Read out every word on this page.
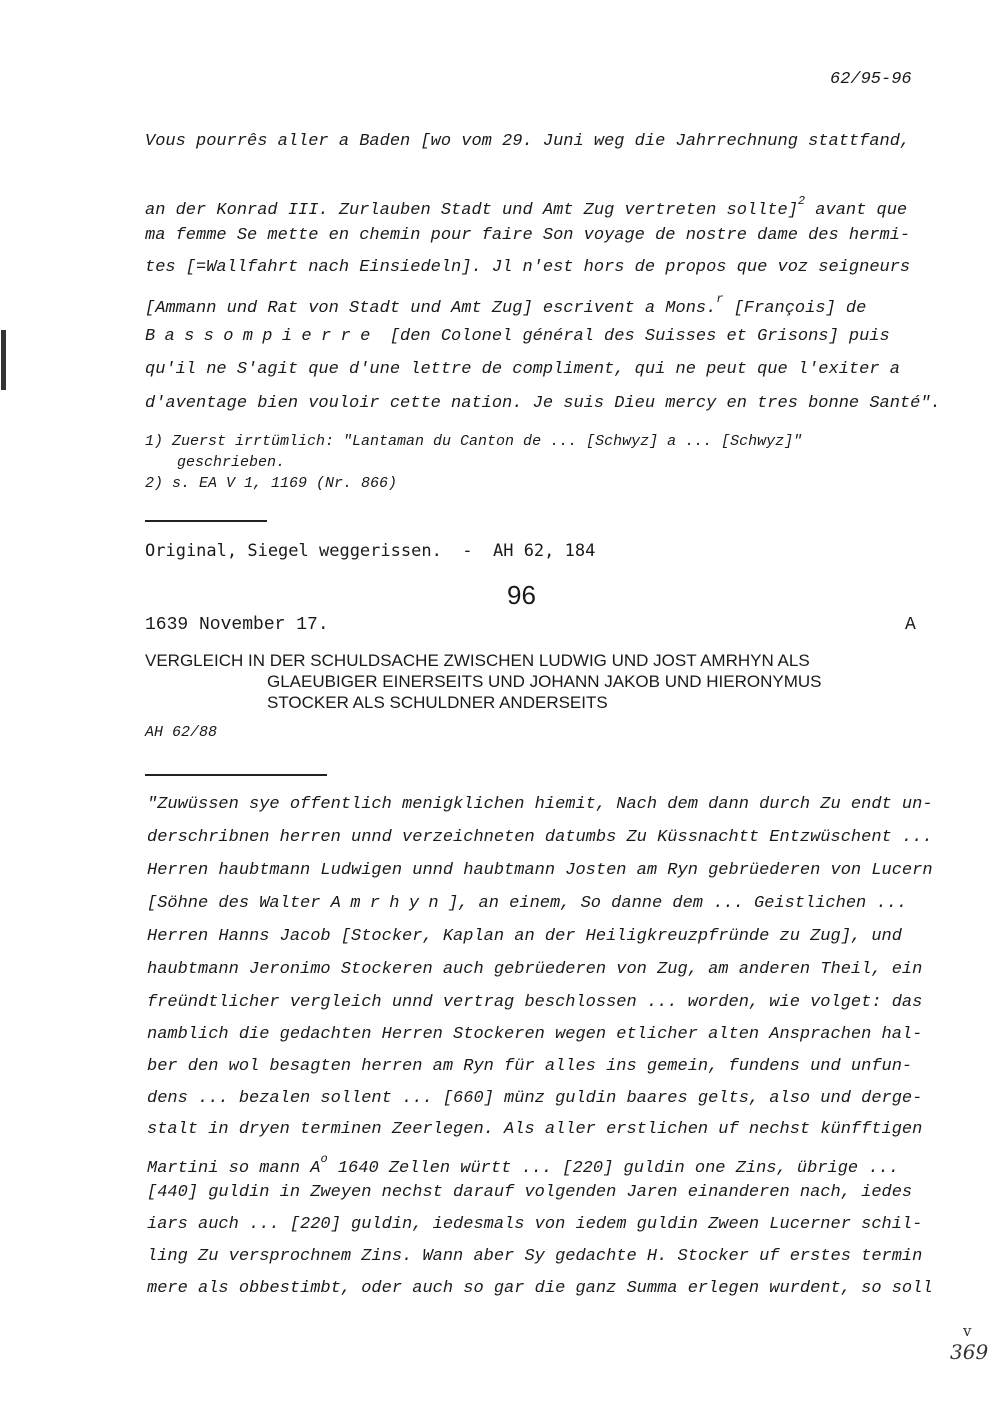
62/95-96
Vous pourrês aller a Baden [wo vom 29. Juni weg die Jahrrechnung stattfand,
an der Konrad III. Zurlauben Stadt und Amt Zug vertreten sollte]$^2$ avant que
ma femme Se mette en chemin pour faire Son voyage de nostre dame des hermi-
tes [=Wallfahrt nach Einsiedeln]. Jl n'est hors de propos que voz seigneurs
[Ammann und Rat von Stadt und Amt Zug] escrivent a Mons.$^r$ [François] de
Bassompierre [den Colonel général des Suisses et Grisons] puis
qu'il ne S'agit que d'une lettre de compliment, qui ne peut que l'exiter a
d'aventage bien vouloir cette nation. Je suis Dieu mercy en tres bonne Santé".
1) Zuerst irrtümlich: "Lantaman du Canton de ... [Schwyz] a ... [Schwyz]"
geschrieben.
2) s. EA V 1, 1169 (Nr. 866)
Original, Siegel weggerissen.  -  AH 62, 184
96
1639 November 17.	A
VERGLEICH IN DER SCHULDSACHE ZWISCHEN LUDWIG UND JOST AMRHYN ALS
GLAEUBIGER EINERSEITS UND JOHANN JAKOB UND HIERONYMUS
STOCKER ALS SCHULDNER ANDERSEITS
AH 62/88
"Zuwüssen sye offentlich menigklichen hiemit, Nach dem dann durch Zu endt un-
derschribnen herren unnd verzeichneten datumbs Zu Küssnachtt Entzwüschent ...
Herren haubtmann Ludwigen unnd haubtmann Josten am Ryn gebrüederen von Lucern
[Söhne des Walter Amrhyn], an einem, So danne dem ... Geistlichen ...
Herren Hanns Jacob [Stocker, Kaplan an der Heiligkreuzpfründe zu Zug], und
haubtmann Jeronimo Stockeren auch gebrüederen von Zug, am anderen Theil, ein
freündtlicher vergleich unnd vertrag beschlossen ... worden, wie volget: das
namblich die gedachten Herren Stockeren wegen etlicher alten Ansprachen hal-
ber den wol besagten herren am Ryn für alles ins gemein, fundens und unfun-
dens ... bezalen sollent ... [660] münz guldin baares gelts, also und derge-
stalt in dryen terminen Zeerlegen. Als aller erstlichen uf nechst künfftigen
Martini so mann $A^o$ 1640 Zellen württ ... [220] guldin one Zins, übrige ...
[440] guldin in Zweyen nechst darauf volgenden Jaren einanderen nach, iedes
iars auch ... [220] guldin, iedesmals von iedem guldin Zween Lucerner schil-
ling Zu versprochnem Zins. Wann aber Sy gedachte H. Stocker uf erstes termin
mere als obbestimbt, oder auch so gar die ganz Summa erlegen wurdent, so soll
v
369
